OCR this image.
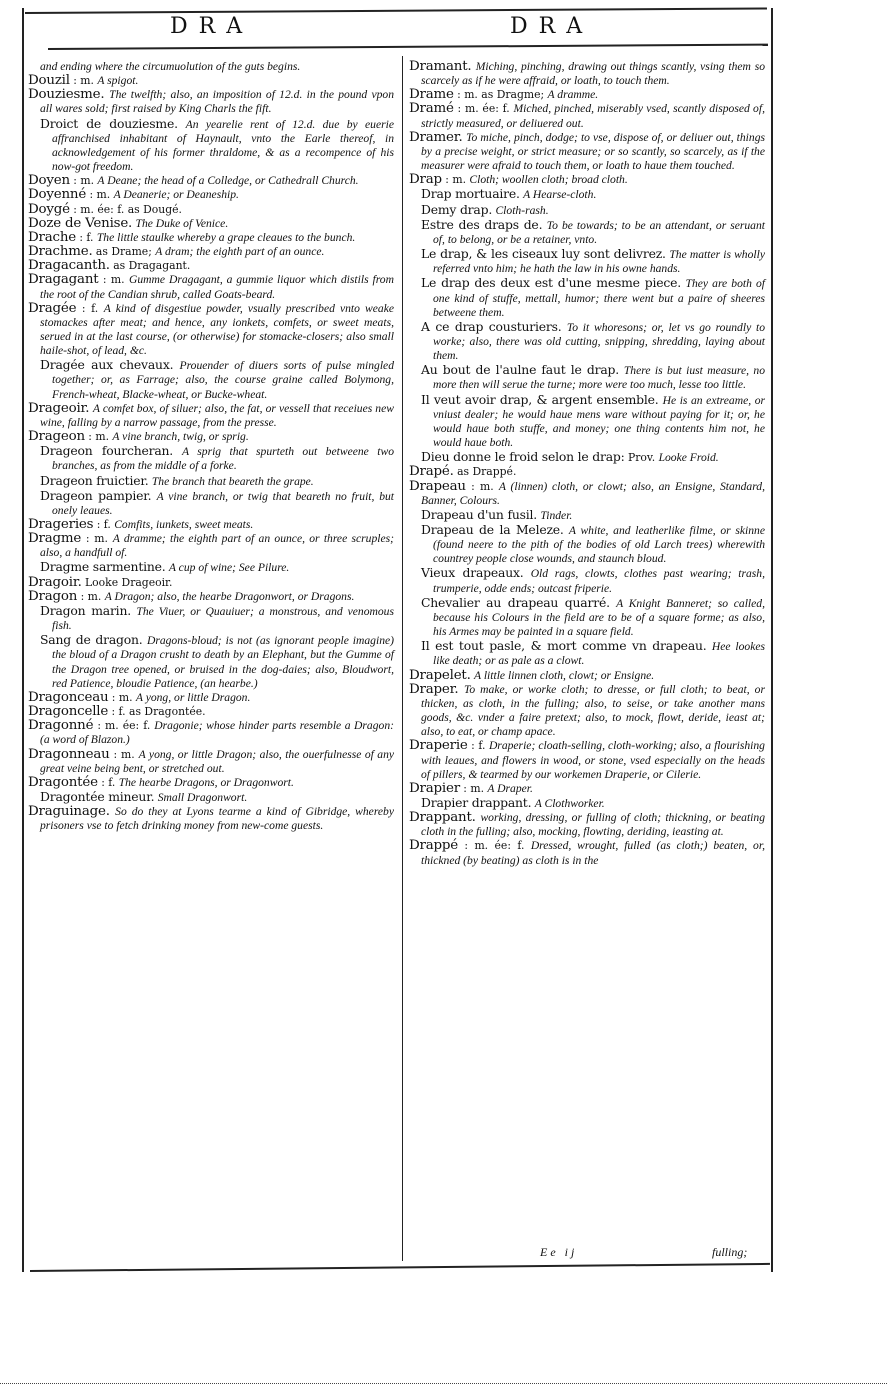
DRA	DRA

and ending where the circumuolution of the guts begins.

Douzil : m. A spigot.

Douziesme. The twelfth; also, an imposition of 12.d. in the pound vpon all wares sold; first raised by King Charls the fift.

Droict de douziesme. An yearelie rent of 12.d. due by euerie affranchised inhabitant of Haynault, vnto the Earle thereof, in acknowledgement of his former thraldome, & as a recompence of his now-got freedom.

Doyen : m. A Deane; the head of a Colledge, or Cathedrall Church.

Doyenné : m. A Deanerie; or Deaneship.

Doygé : m. ée: f. as Dougé.

Doze de Venise. The Duke of Venice.

Drache : f. The little staulke whereby a grape cleaues to the bunch.

Drachme. as Drame; A dram; the eighth part of an ounce.

Dragacanth. as Dragagant.

Dragagant : m. Gumme Dragagant, a gummie liquor which distils from the root of the Candian shrub, called Goats-beard.

Dragée : f. A kind of disgestiue powder, vsually prescribed vnto weake stomackes after meat; and hence, any ionkets, comfets, or sweet meats, serued in at the last course, (or otherwise) for stomacke-closers; also small haile-shot, of lead, &c.

Dragée aux chevaux. Prouender of diuers sorts of pulse mingled together; or, as Farrage; also, the course graine called Bolymong, French-wheat, Blacke-wheat, or Bucke-wheat.

Drageoir. A comfet box, of siluer; also, the fat, or vessell that receiues new wine, falling by a narrow passage, from the presse.

Drageon : m. A vine branch, twig, or sprig.

Drageon fourcheran. A sprig that spurteth out betweene two branches, as from the middle of a forke.

Drageon fruictier. The branch that beareth the grape.

Drageon pampier. A vine branch, or twig that beareth no fruit, but onely leaues.

Drageries : f. Comfits, iunkets, sweet meats.

Dragme : m. A dramme; the eighth part of an ounce, or three scruples; also, a handfull of.

Dragme sarmentine. A cup of wine; See Pilure.

Dragoir. Looke Drageoir.

Dragon : m. A Dragon; also, the hearbe Dragonwort, or Dragons.

Dragon marin. The Viuer, or Quauiuer; a monstrous, and venomous fish.

Sang de dragon. Dragons-bloud; is not (as ignorant people imagine) the bloud of a Dragon crusht to death by an Elephant, but the Gumme of the Dragon tree opened, or bruised in the dog-daies; also, Bloudwort, red Patience, bloudie Patience, (an hearbe.)

Dragonceau : m. A yong, or little Dragon.

Dragoncelle : f. as Dragontée.

Dragonné : m. ée: f. Dragonie; whose hinder parts resemble a Dragon: (a word of Blazon.)

Dragonneau : m. A yong, or little Dragon; also, the ouerfulnesse of any great veine being bent, or stretched out.

Dragontée : f. The hearbe Dragons, or Dragonwort.

Dragontée mineur. Small Dragonwort.

Draguinage. So do they at Lyons tearme a kind of Gibridge, whereby prisoners vse to fetch drinking money from new-come guests.

Dramant. Miching, pinching, drawing out things scantly, vsing them so scarcely as if he were affraid, or loath, to touch them.

Drame : m. as Dragme; A dramme.

Dramé : m. ée: f. Miched, pinched, miserably vsed, scantly disposed of, strictly measured, or deliuered out.

Dramer. To miche, pinch, dodge; to vse, dispose of, or deliuer out, things by a precise weight, or strict measure; or so scantly, so scarcely, as if the measurer were afraid to touch them, or loath to haue them touched.

Drap : m. Cloth; woollen cloth; broad cloth.

Drap mortuaire. A Hearse-cloth.

Demy drap. Cloth-rash.

Estre des draps de. To be towards; to be an attendant, or seruant of, to belong, or be a retainer, vnto.

Le drap, & les ciseaux luy sont delivrez. The matter is wholly referred vnto him; he hath the law in his owne hands.

Le drap des deux est d'une mesme piece. They are both of one kind of stuffe, mettall, humor; there went but a paire of sheeres betweene them.

A ce drap cousturiers. To it whoresons; or, let vs go roundly to worke; also, there was old cutting, snipping, shredding, laying about them.

Au bout de l'aulne faut le drap. There is but iust measure, no more then will serue the turne; more were too much, lesse too little.

Il veut avoir drap, & argent ensemble. He is an extreame, or vniust dealer; he would haue mens ware without paying for it; or, he would haue both stuffe, and money; one thing contents him not, he would haue both.

Dieu donne le froid selon le drap: Prov. Looke Froid.

Drapé. as Drappé.

Drapeau : m. A (linnen) cloth, or clowt; also, an Ensigne, Standard, Banner, Colours.

Drapeau d'un fusil. Tinder.

Drapeau de la Meleze. A white, and leatherlike filme, or skinne (found neere to the pith of the bodies of old Larch trees) wherewith countrey people close wounds, and staunch bloud.

Vieux drapeaux. Old rags, clowts, clothes past wearing; trash, trumperie, odde ends; outcast friperie.

Chevalier au drapeau quarré. A Knight Banneret; so called, because his Colours in the field are to be of a square forme; as also, his Armes may be painted in a square field.

Il est tout pasle, & mort comme vn drapeau. Hee lookes like death; or as pale as a clowt.

Drapelet. A little linnen cloth, clowt; or Ensigne.

Draper. To make, or worke cloth; to dresse, or full cloth; to beat, or thicken, as cloth, in the fulling; also, to seise, or take another mans goods, &c. vnder a faire pretext; also, to mock, flowt, deride, ieast at; also, to eat, or champ apace.

Draperie : f. Draperie; cloath-selling, cloth-working; also, a flourishing with leaues, and flowers in wood, or stone, vsed especially on the heads of pillers, & tearmed by our workemen Draperie, or Cilerie.

Drapier : m. A Draper.

Drapier drappant. A Clothworker.

Drappant. working, dressing, or fulling of cloth; thickning, or beating cloth in the fulling; also, mocking, flowting, deriding, ieasting at.

Drappé : m. ée: f. Dressed, wrought, fulled (as cloth;) beaten, or, thickned (by beating) as cloth is in the

Ee ij	fulling;
